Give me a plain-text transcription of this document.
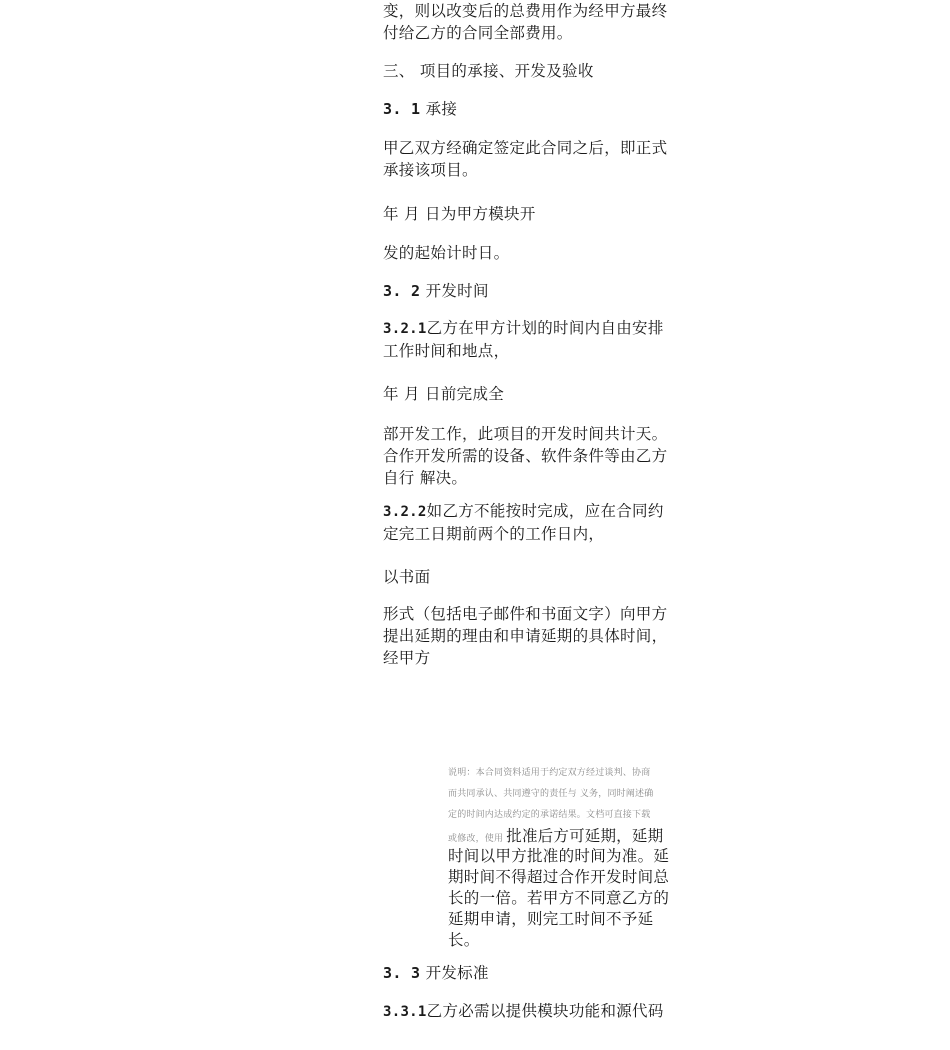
变，则以改变后的总费用作为经甲方最终
付给乙方的合同全部费用。
三、 项目的承接、开发及验收
3. 1 承接
甲乙双方经确定签定此合同之后，即正式
承接该项目。
年 月 日为甲方模块开
发的起始计时日。
3. 2 开发时间
3.2.1乙方在甲方计划的时间内自由安排
工作时间和地点，
年 月 日前完成全
部开发工作，此项目的开发时间共计天。
合作开发所需的设备、软件条件等由乙方
自行 解决。
3.2.2如乙方不能按时完成，应在合同约
定完工日期前两个的工作日内，
以书面
形式（包括电子邮件和书面文字）向甲方
提出延期的理由和申请延期的具体时间，
经甲方
说明：本合同资料适用于约定双方经过谈判、协商
而共同承认、共同遵守的责任与 义务，同时阐述确
定的时间内达成约定的承诺结果。文档可直接下载
或修改，使用 批准后方可延期，延期
时间以甲方批准的时间为准。延
期时间不得超过合作开发时间总
长的一倍。若甲方不同意乙方的
延期申请，则完工时间不予延
长。
3. 3 开发标准
3.3.1乙方必需以提供模块功能和源代码
